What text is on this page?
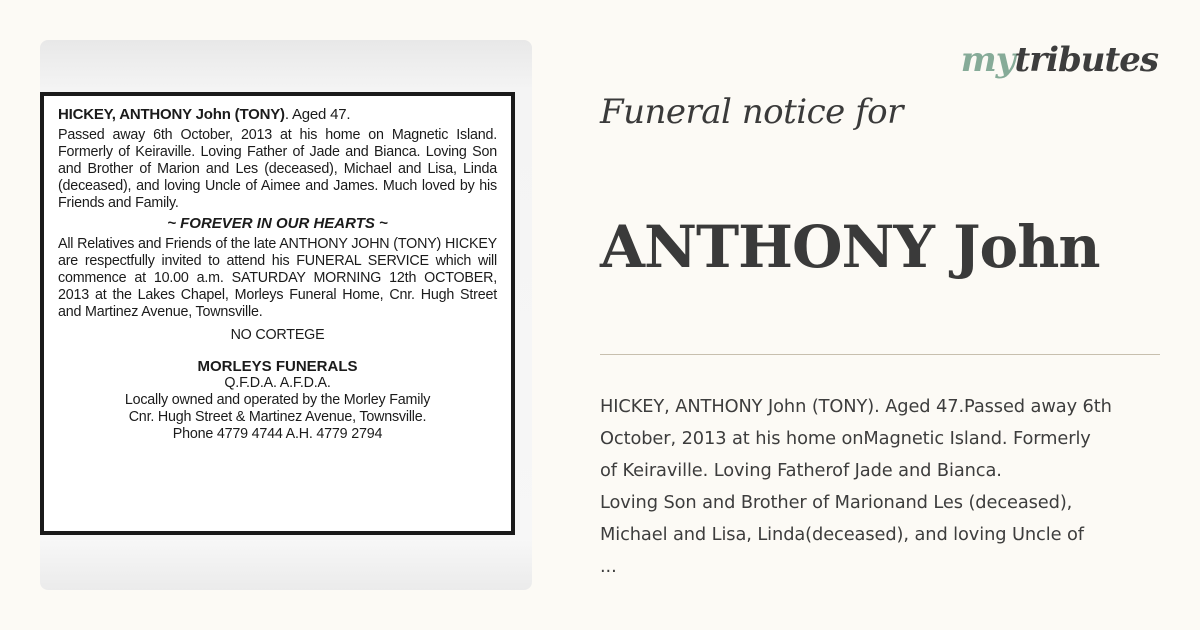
HICKEY, ANTHONY John (TONY). Aged 47.

Passed away 6th October, 2013 at his home on Magnetic Island. Formerly of Keiraville. Loving Father of Jade and Bianca. Loving Son and Brother of Marion and Les (deceased), Michael and Lisa, Linda (deceased), and loving Uncle of Aimee and James. Much loved by his Friends and Family.

~ FOREVER IN OUR HEARTS ~

All Relatives and Friends of the late ANTHONY JOHN (TONY) HICKEY are respectfully invited to attend his FUNERAL SERVICE which will commence at 10.00 a.m. SATURDAY MORNING 12th OCTOBER, 2013 at the Lakes Chapel, Morleys Funeral Home, Cnr. Hugh Street and Martinez Avenue, Townsville.

NO CORTEGE

MORLEYS FUNERALS

Q.F.D.A. A.F.D.A.

Locally owned and operated by the Morley Family

Cnr. Hugh Street & Martinez Avenue, Townsville.

Phone 4779 4744 A.H. 4779 2794

mytributes
Funeral notice for
ANTHONY John
HICKEY, ANTHONY John (TONY). Aged 47.Passed away 6th
October, 2013 at his home onMagnetic Island. Formerly
of Keiraville. Loving Fatherof Jade and Bianca.
Loving Son and Brother of Marionand Les (deceased),
Michael and Lisa, Linda(deceased), and loving Uncle of
...
